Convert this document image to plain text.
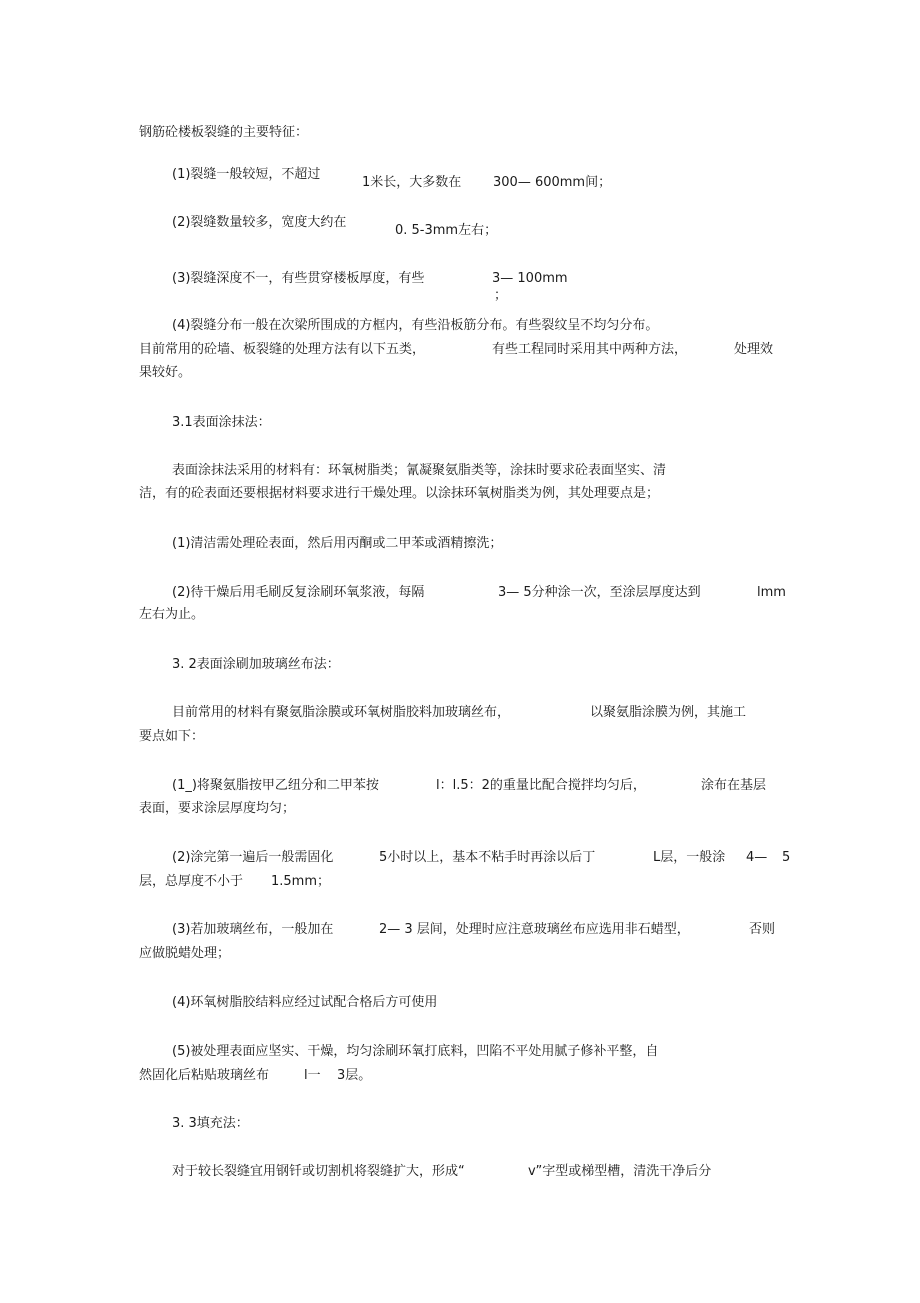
钢筋砼楼板裂缝的主要特征：
(1)裂缝一般较短，不超过
1米长，大多数在 300— 600mm间；
(2)裂缝数量较多，宽度大约在
0. 5-3mm左右；
(3)裂缝深度不一，有些贯穿楼板厚度，有些	3— 100mm
；
(4)裂缝分布一般在次梁所围成的方框内，有些沿板筋分布。有些裂纹呈不均匀分布。
目前常用的砼墙、板裂缝的处理方法有以下五类，	有些工程同时采用其中两种方法，	处理效
果较好。
3.1表面涂抹法：
表面涂抹法采用的材料有：环氧树脂类；氰凝聚氨脂类等，涂抹时要求砼表面坚实、清
洁，有的砼表面还要根据材料要求进行干燥处理。以涂抹环氧树脂类为例，其处理要点是；
(1)清洁需处理砼表面，然后用丙酮或二甲苯或酒精擦洗；
(2)待干燥后用毛刷反复涂刷环氧浆液，每隔	3— 5分种涂一次，至涂层厚度达到	lmm
左右为止。
3. 2表面涂刷加玻璃丝布法：
目前常用的材料有聚氨脂涂膜或环氧树脂胶料加玻璃丝布，	以聚氨脂涂膜为例，其施工
要点如下：
(1_)将聚氨脂按甲乙纽分和二甲苯按	l：l.5：2的重量比配合搅拌均匀后，	涂布在基层
表面，要求涂层厚度均匀；
(2)涂完第一遍后一般需固化	5小时以上，基本不粘手时再涂以后丁	L层，一般涂 4— 5
层，总厚度不小于 1.5mm；
(3)若加玻璃丝布，一般加在	2— 3 层间，处理时应注意玻璃丝布应选用非石蜡型，	否则
应做脱蜡处理；
(4)环氧树脂胶结料应经过试配合格后方可使用
(5)被处理表面应坚实、干燥，均匀涂刷环氧打底料，凹陷不平处用腻子修补平整，自
然固化后粘贴玻璃丝布	l一 3层。
3. 3填充法：
对于较长裂缝宜用钢钎或切割机将裂缝扩大，形成“	v”字型或梯型槽，清洗干净后分
